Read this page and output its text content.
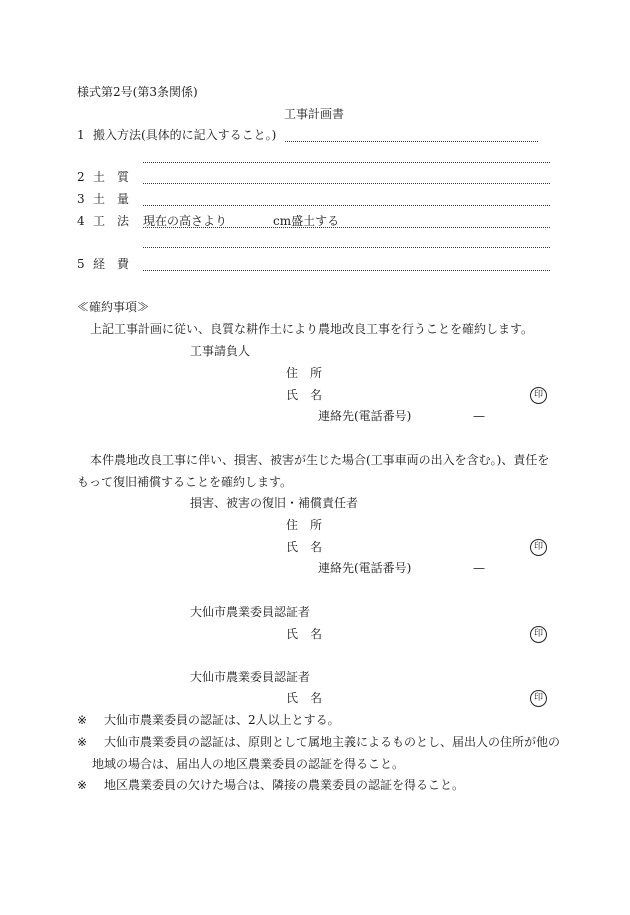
様式第2号(第3条関係)
工事計画書
1 搬入方法(具体的に記入すること。)
2 土　質
3 土　量
4 工　法 現在の高さより	cm盛土する
5 経　費
≪確約事項≫
上記工事計画に従い、良質な耕作土により農地改良工事を行うことを確約します。
工事請負人
住　所
氏　名	印
連絡先(電話番号)	—
本件農地改良工事に伴い、損害、被害が生じた場合(工事車両の出入を含む。)、責任を
もって復旧補償することを確約します。
損害、被害の復旧・補償責任者
住　所
氏　名	印
連絡先(電話番号)	—
大仙市農業委員認証者
氏　名	印
大仙市農業委員認証者
氏　名	印
※ 大仙市農業委員の認証は、2人以上とする。
※ 大仙市農業委員の認証は、原則として属地主義によるものとし、届出人の住所が他の
地域の場合は、届出人の地区農業委員の認証を得ること。
※ 地区農業委員の欠けた場合は、隣接の農業委員の認証を得ること。
